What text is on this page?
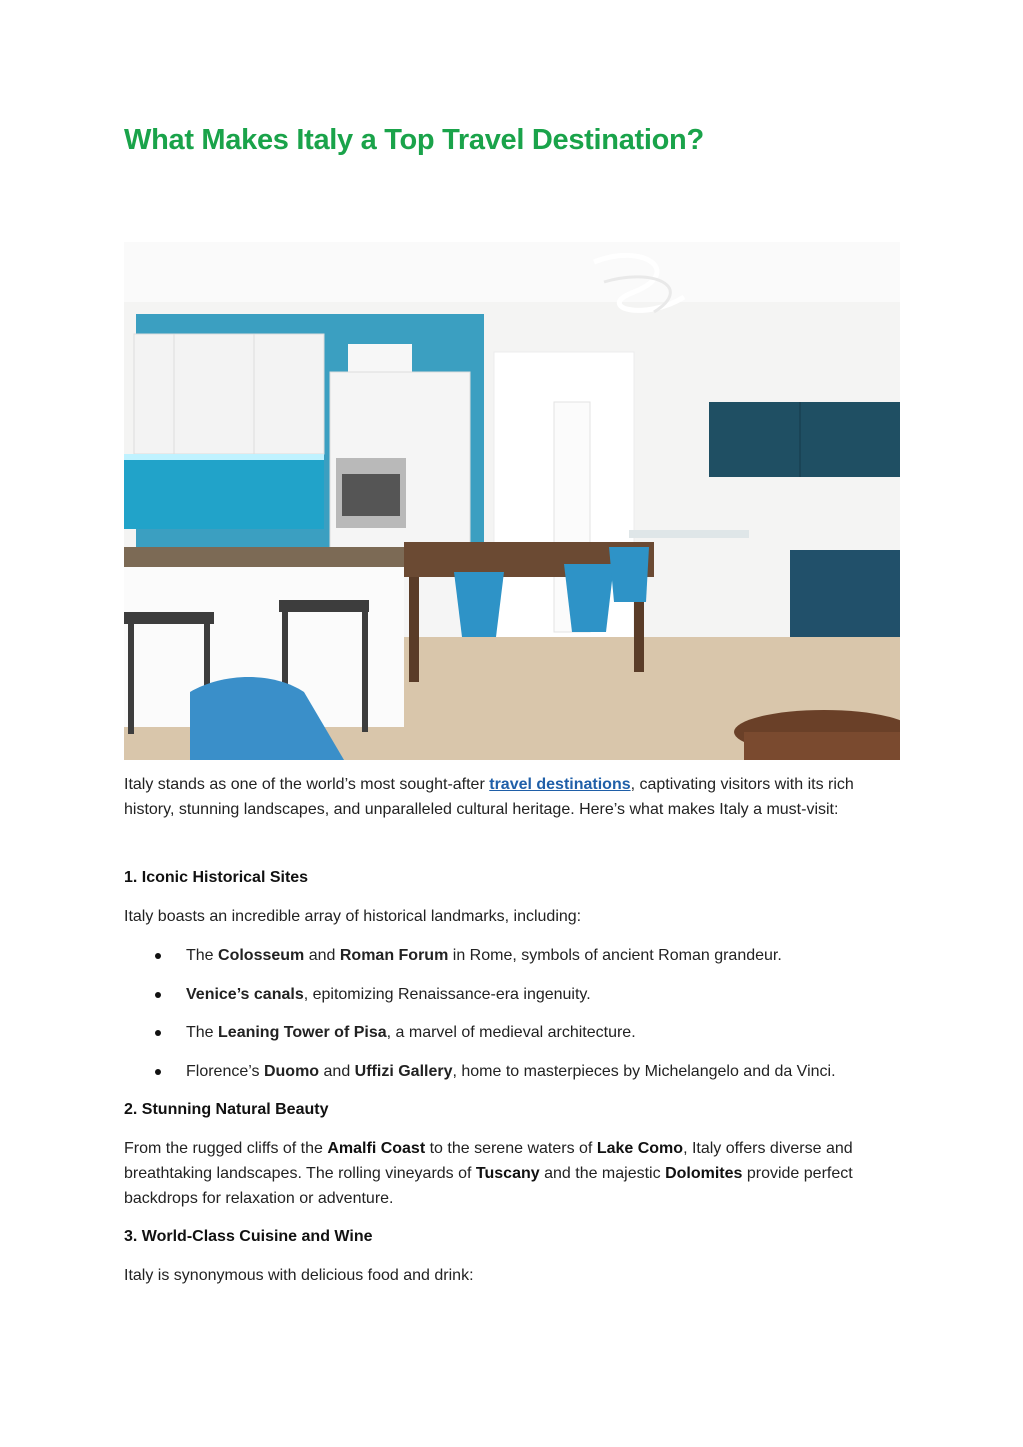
What Makes Italy a Top Travel Destination?

Italy stands as one of the world’s most sought-after travel destinations, captivating visitors with its rich history, stunning landscapes, and unparalleled cultural heritage. Here’s what makes Italy a must-visit:

1. Iconic Historical Sites
Italy boasts an incredible array of historical landmarks, including:
The Colosseum and Roman Forum in Rome, symbols of ancient Roman grandeur.
Venice’s canals, epitomizing Renaissance-era ingenuity.
The Leaning Tower of Pisa, a marvel of medieval architecture.
Florence’s Duomo and Uffizi Gallery, home to masterpieces by Michelangelo and da Vinci.
2. Stunning Natural Beauty

From the rugged cliffs of the Amalfi Coast to the serene waters of Lake Como, Italy offers diverse and breathtaking landscapes. The rolling vineyards of Tuscany and the majestic Dolomites provide perfect backdrops for relaxation or adventure.

3. World-Class Cuisine and Wine
Italy is synonymous with delicious food and drink:
